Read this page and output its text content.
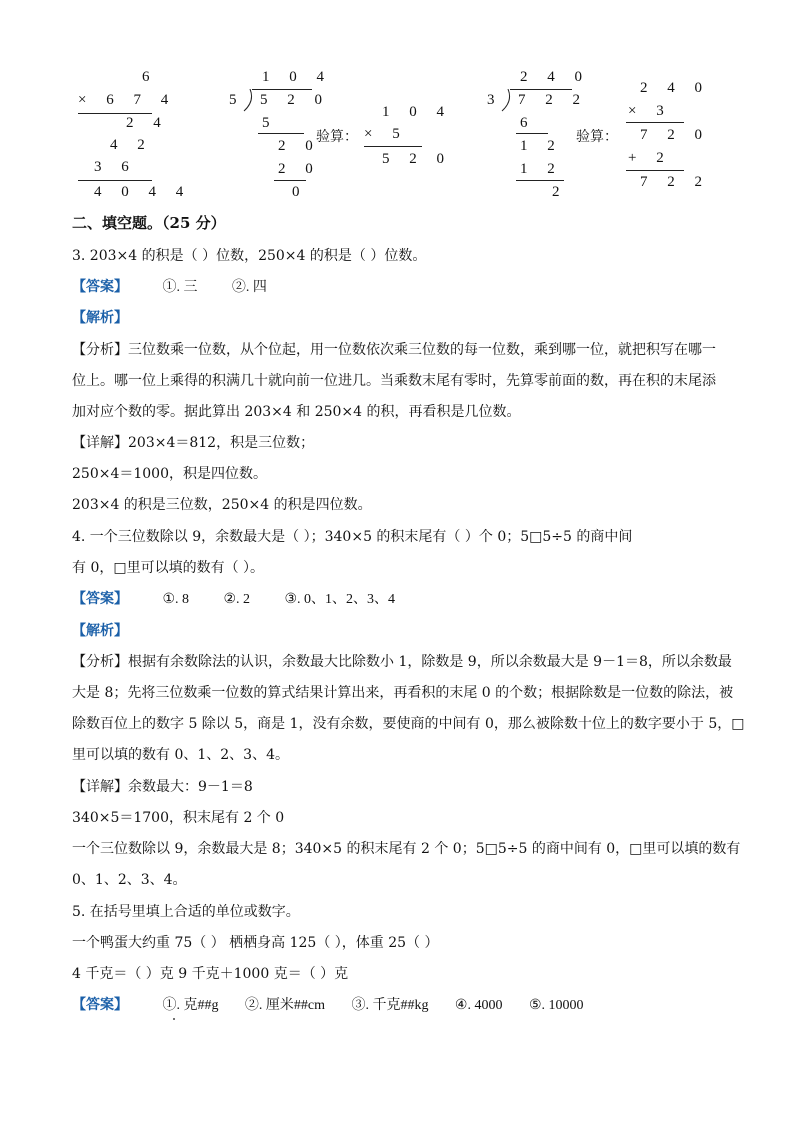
6
× 6 7 4
2 4
4 2
3 6
4 0 4 4
1 0 4
5 5 2 0
5
2 0
2 0
0
验算：
1 0 4
× 5
5 2 0
2 4 0
3 7 2 2
6
1 2
1 2
2
验算：
2 4 0
× 3
7 2 0
+ 2
7 2 2
二、填空题。（25 分）
3. 203×4 的积是（ ）位数，250×4 的积是（ ）位数。
【答案】 ①. 三 ②. 四
【解析】
【分析】三位数乘一位数，从个位起，用一位数依次乘三位数的每一位数，乘到哪一位，就把积写在哪一
位上。哪一位上乘得的积满几十就向前一位进几。当乘数末尾有零时，先算零前面的数，再在积的末尾添
加对应个数的零。据此算出 203×4 和 250×4 的积，再看积是几位数。
【详解】203×4＝812，积是三位数；
250×4＝1000，积是四位数。
203×4 的积是三位数，250×4 的积是四位数。
4. 一个三位数除以 9，余数最大是（ ）；340×5 的积末尾有（ ）个 0；5□5÷5 的商中间
有 0，□里可以填的数有（ ）。
【答案】 ①. 8 ②. 2 ③. 0、1、2、3、4
【解析】
【分析】根据有余数除法的认识，余数最大比除数小 1，除数是 9，所以余数最大是 9－1＝8，所以余数最
大是 8；先将三位数乘一位数的算式结果计算出来，再看积的末尾 0 的个数；根据除数是一位数的除法，被
除数百位上的数字 5 除以 5，商是 1，没有余数，要使商的中间有 0，那么被除数十位上的数字要小于 5，□
里可以填的数有 0、1、2、3、4。
【详解】余数最大：9－1＝8
340×5＝1700，积末尾有 2 个 0
一个三位数除以 9，余数最大是 8；340×5 的积末尾有 2 个 0；5□5÷5 的商中间有 0，□里可以填的数有
0、1、2、3、4。
5. 在括号里填上合适的单位或数字。
一个鸭蛋大约重 75（ ） 栖栖身高 125（ ），体重 25（ ）
4 千克＝（ ）克 9 千克＋1000 克＝（ ）克
【答案】 ①. 克##g ②. 厘米##cm ③. 千克##kg ④. 4000 ⑤. 10000
